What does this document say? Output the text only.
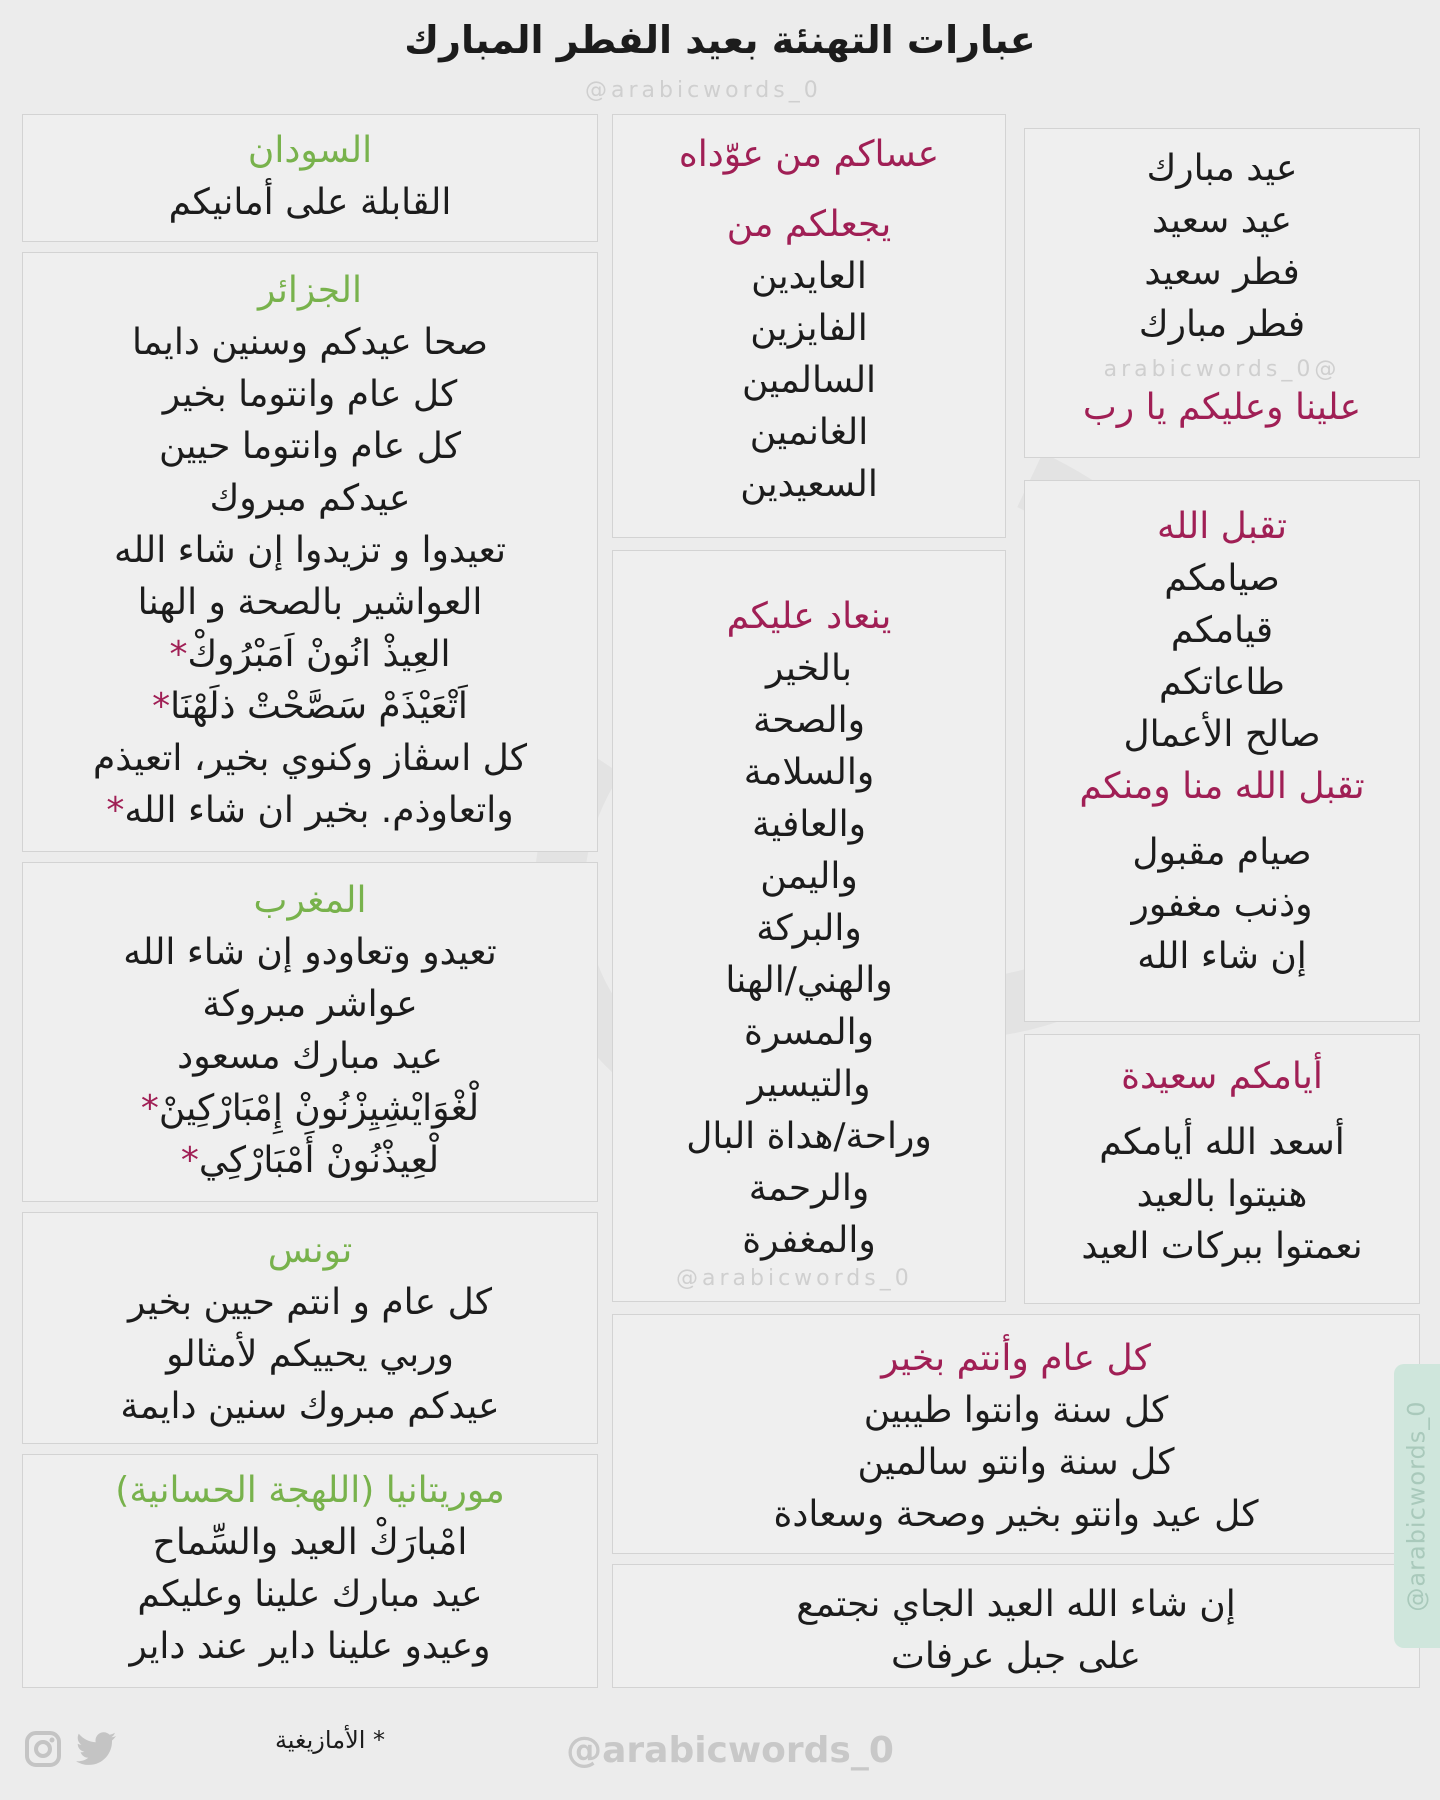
عبارات التهنئة بعيد الفطر المبارك
@arabicwords_0
السودان
القابلة على أمانيكم
الجزائر
صحا عيدكم وسنين دايما
كل عام وانتوما بخير
كل عام وانتوما حيين
عيدكم مبروك
تعيدوا و تزيدوا إن شاء الله
العواشير بالصحة و الهنا
العِيذْ انُونْ اَمَبْرُوكْ*
اَتْعَيْذَمْ سَصَّحْتْ ذلَهْنَا*
كل اسڤاز وكنوي بخير، اتعيذم
واتعاوذم. بخير ان شاء الله*
المغرب
تعيدو وتعاودو إن شاء الله
عواشر مبروكة
عيد مبارك مسعود
لْغْوَايْشِيِزْنُونْ إِمْبَارْكِينْ*
لْعِيذْنُونْ أَمْبَارْكِي*
تونس
كل عام و انتم حيين بخير
وربي يحييكم لأمثالو
عيدكم مبروك سنين دايمة
موريتانيا (اللهجة الحسانية)
امْبارَكْ العيد والسِّماح
عيد مبارك علينا وعليكم
وعيدو علينا داير عند داير
عساكم من عوّداه
يجعلكم من
العايدين
الفايزين
السالمين
الغانمين
السعيدين
ينعاد عليكم
بالخير
والصحة
والسلامة
والعافية
واليمن
والبركة
والهني/الهنا
والمسرة
والتيسير
وراحة/هداة البال
والرحمة
والمغفرة
@arabicwords_0
عيد مبارك
عيد سعيد
فطر سعيد
فطر مبارك
@arabicwords_0
علينا وعليكم يا رب
تقبل الله
صيامكم
قيامكم
طاعاتكم
صالح الأعمال
تقبل الله منا ومنكم
صيام مقبول
وذنب مغفور
إن شاء الله
أيامكم سعيدة
أسعد الله أيامكم
هنيتوا بالعيد
نعمتوا ببركات العيد
كل عام وأنتم بخير
كل سنة وانتوا طيبين
كل سنة وانتو سالمين
كل عيد وانتو بخير وصحة وسعادة
إن شاء الله العيد الجاي نجتمع
على جبل عرفات
@arabicwords_0
* الأمازيغية	@arabicwords_0
